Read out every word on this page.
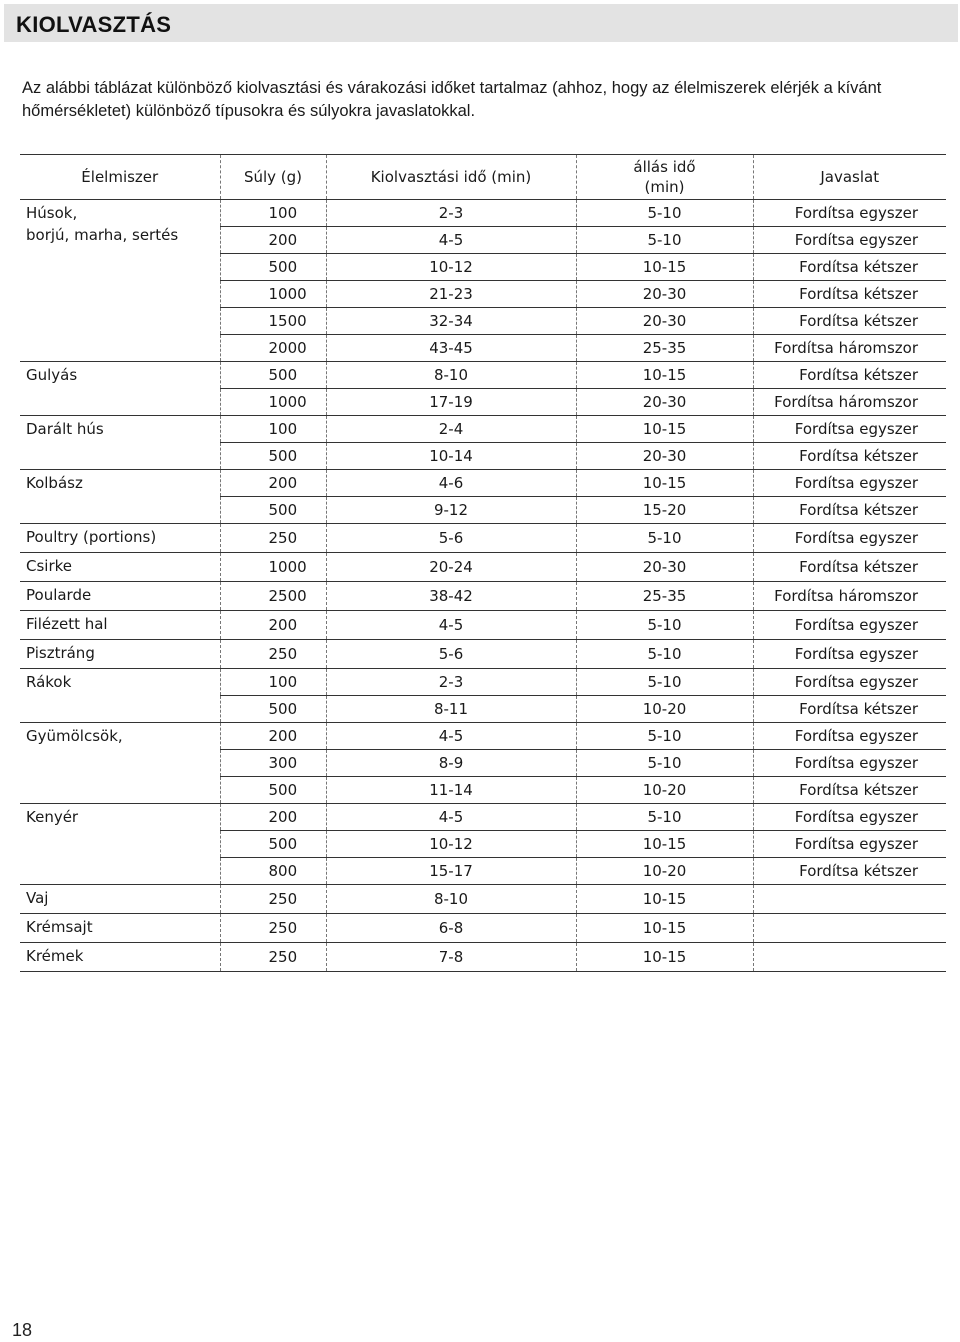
KIOLVASZTÁS
Az alábbi táblázat különböző kiolvasztási és várakozási időket tartalmaz (ahhoz, hogy az élelmiszerek elérjék a kívánt hőmérsékletet) különböző típusokra és súlyokra javaslatokkal.
Élelmiszer	Súly (g)	Kiolvasztási idő (min)	állás idő
(min)	Javaslat
Húsok,
borjú, marha, sertés	100	2-3	5-10	Fordítsa egyszer
	200	4-5	5-10	Fordítsa egyszer
	500	10-12	10-15	Fordítsa kétszer
	1000	21-23	20-30	Fordítsa kétszer
	1500	32-34	20-30	Fordítsa kétszer
	2000	43-45	25-35	Fordítsa háromszor
Gulyás	500	8-10	10-15	Fordítsa kétszer
	1000	17-19	20-30	Fordítsa háromszor
Darált hús	100	2-4	10-15	Fordítsa egyszer
	500	10-14	20-30	Fordítsa kétszer
Kolbász	200	4-6	10-15	Fordítsa egyszer
	500	9-12	15-20	Fordítsa kétszer
Poultry (portions)	250	5-6	5-10	Fordítsa egyszer
Csirke	1000	20-24	20-30	Fordítsa kétszer
Poularde	2500	38-42	25-35	Fordítsa háromszor
Filézett hal	200	4-5	5-10	Fordítsa egyszer
Pisztráng	250	5-6	5-10	Fordítsa egyszer
Rákok	100	2-3	5-10	Fordítsa egyszer
	500	8-11	10-20	Fordítsa kétszer
Gyümölcsök,	200	4-5	5-10	Fordítsa egyszer
	300	8-9	5-10	Fordítsa egyszer
	500	11-14	10-20	Fordítsa kétszer
Kenyér	200	4-5	5-10	Fordítsa egyszer
	500	10-12	10-15	Fordítsa egyszer
	800	15-17	10-20	Fordítsa kétszer
Vaj	250	8-10	10-15	
Krémsajt	250	6-8	10-15	
Krémek	250	7-8	10-15	
18
